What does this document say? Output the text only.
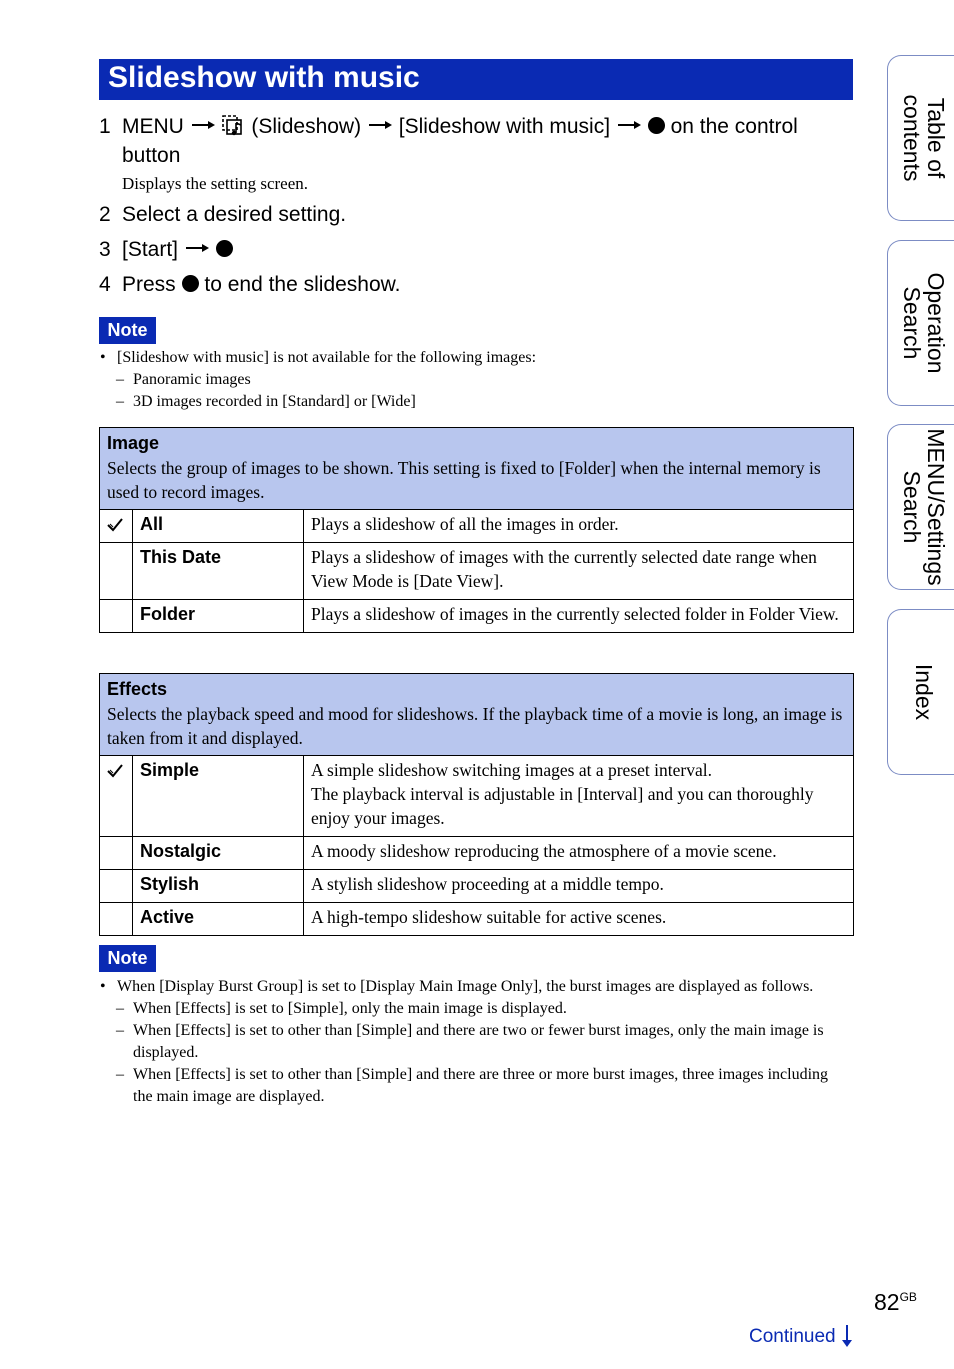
Slideshow with music
1 MENU	(Slideshow) [Slideshow with music]	on the control
button
Displays the setting screen.
2 Select a desired setting.
3 [Start]
4 Press to end the slideshow.
Note
• [Slideshow with music] is not available for the following images:
– Panoramic images
– 3D images recorded in [Standard] or [Wide]
Image
Selects the group of images to be shown. This setting is fixed to [Folder] when the internal memory is used to record images.		

	All	Plays a slideshow of all the images in order.
	This Date	Plays a slideshow of images with the currently selected date range when View Mode is [Date View].
	Folder	Plays a slideshow of images in the currently selected folder in Folder View.
Effects
Selects the playback speed and mood for slideshows. If the playback time of a movie is long, an image is taken from it and displayed.		

	Simple	A simple slideshow switching images at a preset interval.
The playback interval is adjustable in [Interval] and you can thoroughly enjoy your images.

	Nostalgic	A moody slideshow reproducing the atmosphere of a movie scene.
	Stylish	A stylish slideshow proceeding at a middle tempo.
	Active	A high-tempo slideshow suitable for active scenes.
Note
• When [Display Burst Group] is set to [Display Main Image Only], the burst images are displayed as follows.
– When [Effects] is set to [Simple], only the main image is displayed.
– When [Effects] is set to other than [Simple] and there are two or fewer burst images, only the main image is displayed.
– When [Effects] is set to other than [Simple] and there are three or more burst images, three images including the main image are displayed.
Table of
contents
Operation
Search
MENU/Settings
Search
Index
$82^{GB}$
Continued
